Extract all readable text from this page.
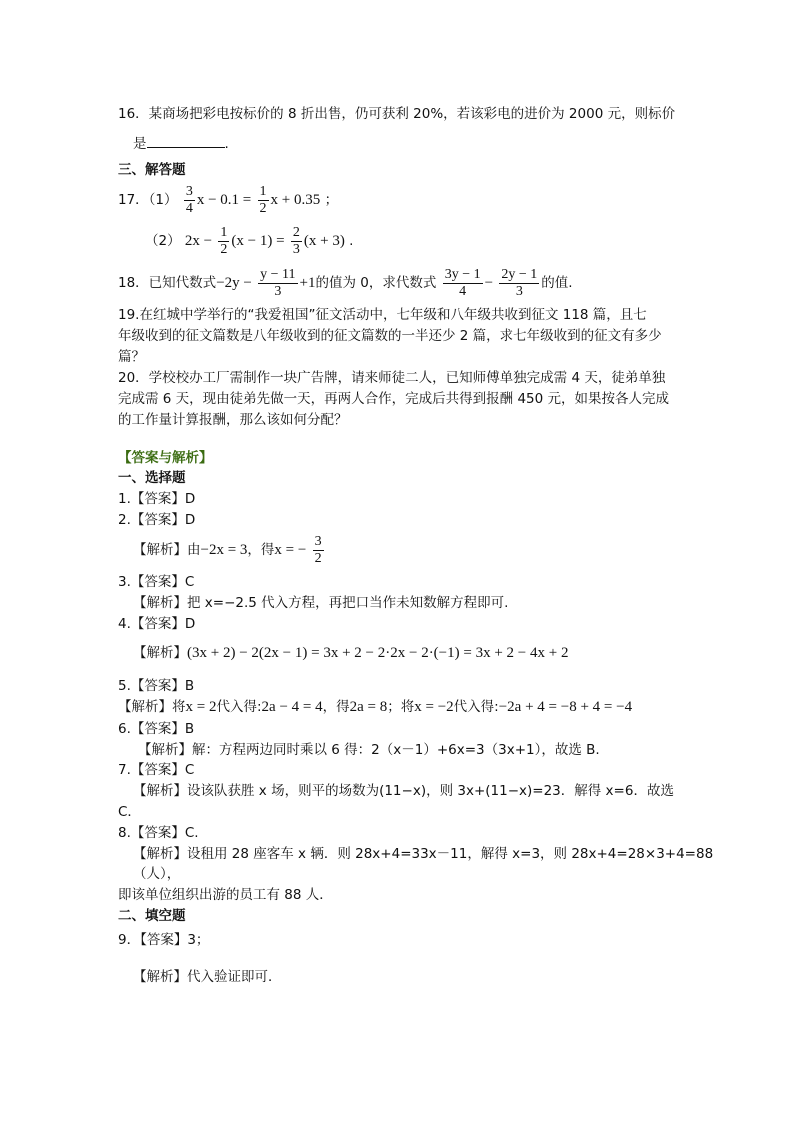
16．某商场把彩电按标价的 8 折出售，仍可获利 20%，若该彩电的进价为 2000 元，则标价
是	.
三、解答题
17．$(1) \frac{3}{4}$ $x - 0.1 = \frac{1}{2}$ x + 0.35 ；
（2） $2x - \frac{1}{2} (x - 1) = \frac{2}{3} (x + 3)$ .
18．已知代数式$-2y - \frac{y - 11}{3} +1$的值为 0，求代数式 $\frac{3y - 1}{4} - \frac{2y - 1}{3}$ 的值.
19.在红城中学举行的“我爱祖国”征文活动中，七年级和八年级共收到征文 118 篇，且七
年级收到的征文篇数是八年级收到的征文篇数的一半还少 2 篇，求七年级收到的征文有多少
篇？
20．学校校办工厂需制作一块广告牌，请来师徒二人，已知师傅单独完成需 4 天，徒弟单独
完成需 6 天，现由徒弟先做一天，再两人合作，完成后共得到报酬 450 元，如果按各人完成
的工作量计算报酬，那么该如何分配？
【答案与解析】
一、选择题
1.【答案】D
2.【答案】D
【解析】由−2x = 3，得x = − $\frac{3}{2}$
3.【答案】C
【解析】把 x=−2.5 代入方程，再把口当作未知数解方程即可.
4.【答案】D
【解析】(3x + 2) − 2(2x − 1) = 3x + 2 − 2·2x − 2·(−1) = 3x + 2 − 4x + 2
5.【答案】B
【解析】将x = 2代入得:2a − 4 = 4，得2a = 8；将x = −2代入得:−2a + 4 = −8 + 4 = −4
6.【答案】B
【解析】解：方程两边同时乘以 6 得：2（x－1）+6x=3（3x+1），故选 B.
7.【答案】C
【解析】设该队获胜 x 场，则平的场数为(11−x)，则 3x+(11−x)=23．解得 x=6．故选
C．
8.【答案】C.
【解析】设租用 28 座客车 x 辆．则 28x+4=33x－11，解得 x=3，则 28x+4=28×3+4=88
（人），
即该单位组织出游的员工有 88 人．
二、填空题
9．【答案】3；
【解析】代入验证即可．
